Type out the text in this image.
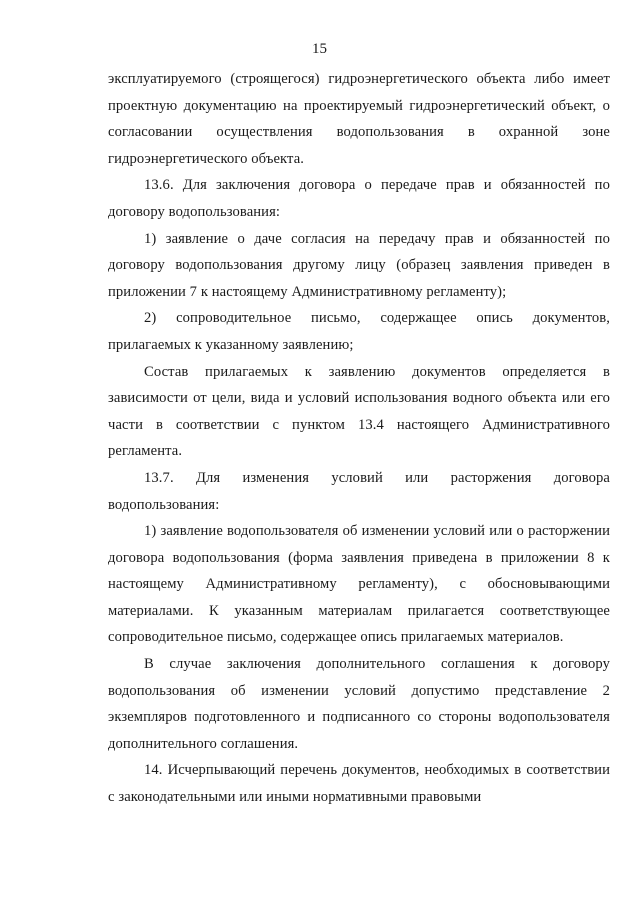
15

эксплуатируемого (строящегося) гидроэнергетического объекта либо имеет проектную документацию на проектируемый гидроэнергетический объект, о согласовании осуществления водопользования в охранной зоне гидроэнергетического объекта.

13.6. Для заключения договора о передаче прав и обязанностей по договору водопользования:

1) заявление о даче согласия на передачу прав и обязанностей по договору водопользования другому лицу (образец заявления приведен в приложении 7 к настоящему Административному регламенту);

2) сопроводительное письмо, содержащее опись документов, прилагаемых к указанному заявлению;

Состав прилагаемых к заявлению документов определяется в зависимости от цели, вида и условий использования водного объекта или его части в соответствии с пунктом 13.4 настоящего Административного регламента.

13.7. Для изменения условий или расторжения договора водопользования:

1) заявление водопользователя об изменении условий или о расторжении договора водопользования (форма заявления приведена в приложении 8 к настоящему Административному регламенту), с обосновывающими материалами. К указанным материалам прилагается соответствующее сопроводительное письмо, содержащее опись прилагаемых материалов.

В случае заключения дополнительного соглашения к договору водопользования об изменении условий допустимо представление 2 экземпляров подготовленного и подписанного со стороны водопользователя дополнительного соглашения.

14. Исчерпывающий перечень документов, необходимых в соответствии с законодательными или иными нормативными правовыми
